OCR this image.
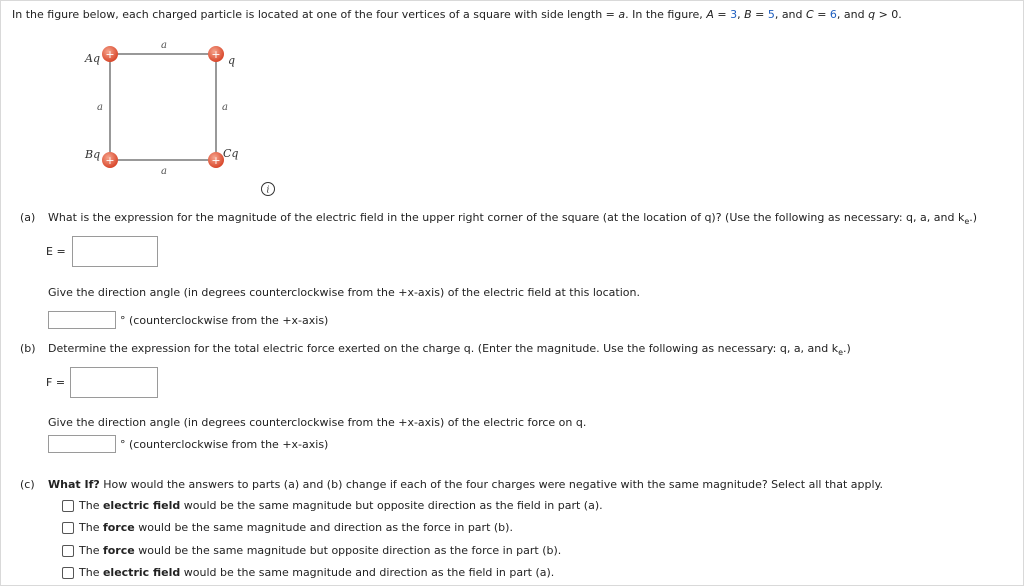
In the figure below, each charged particle is located at one of the four vertices of a square with side length = a. In the figure, A = 3, B = 5, and C = 6, and q > 0.
a
a	a
a
+
Aq	+ q
+
Bq	+
Cq
i
(a) What is the expression for the magnitude of the electric field in the upper right corner of the square (at the location of q)? (Use the following as necessary: q, a, and $k_e$.)
E =
Give the direction angle (in degrees counterclockwise from the +x-axis) of the electric field at this location.
° (counterclockwise from the +x-axis)
(b) Determine the expression for the total electric force exerted on the charge q. (Enter the magnitude. Use the following as necessary: q, a, and $k_e$.)
F =
Give the direction angle (in degrees counterclockwise from the +x-axis) of the electric force on q.
° (counterclockwise from the +x-axis)
(c) What If? How would the answers to parts (a) and (b) change if each of the four charges were negative with the same magnitude? Select all that apply.
The electric field would be the same magnitude but opposite direction as the field in part (a).
The force would be the same magnitude and direction as the force in part (b).
The force would be the same magnitude but opposite direction as the force in part (b).
The electric field would be the same magnitude and direction as the field in part (a).
